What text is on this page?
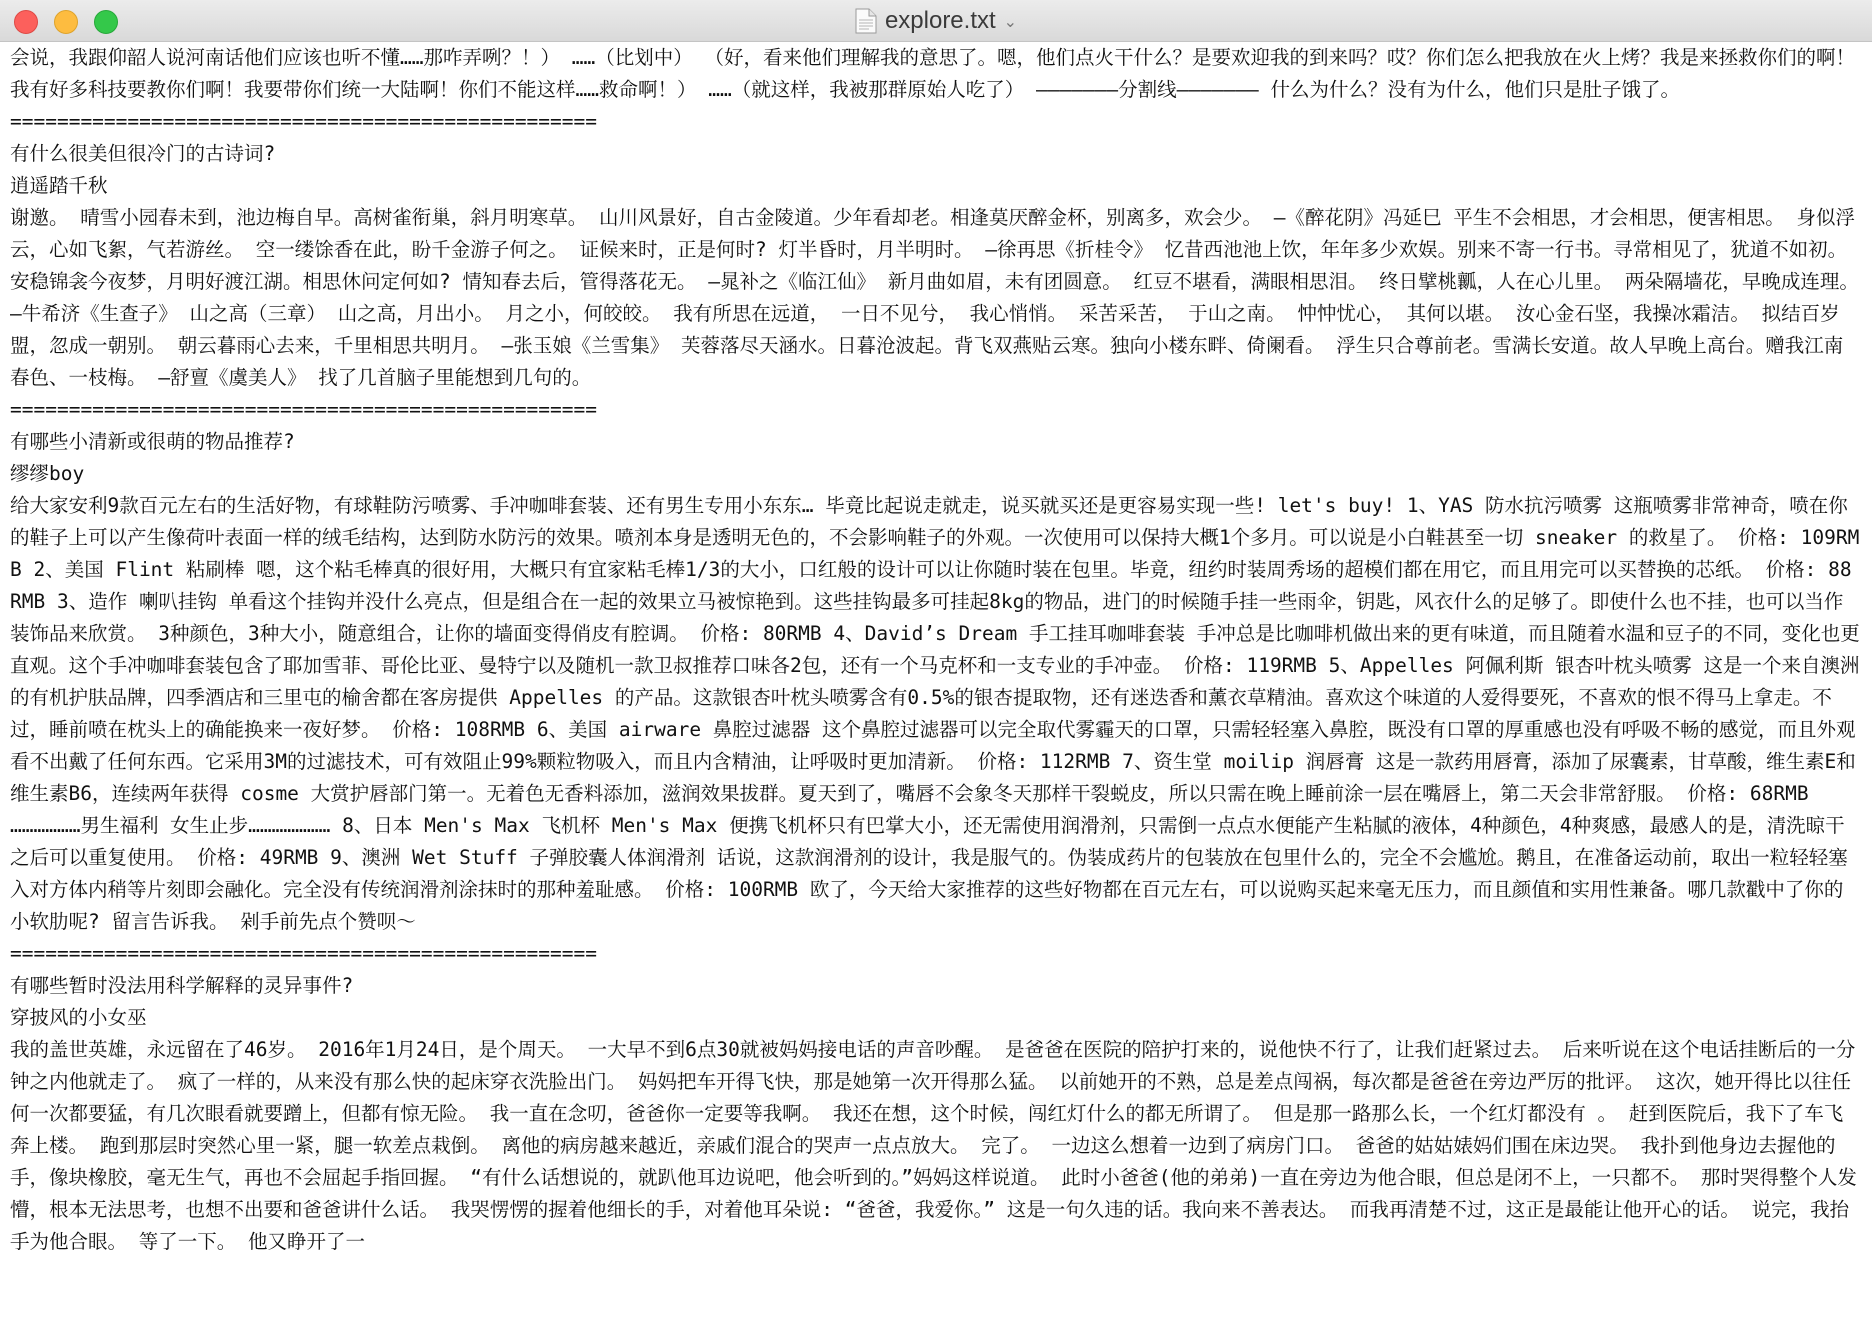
explore.txt ⌄

会说，我跟仰韶人说河南话他们应该也听不懂……那咋弄咧？！） ……（比划中） （好，看来他们理解我的意思了。嗯，他们点火干什么？是要欢迎我的到来吗？哎？你们怎么把我放在火上烤？我是来拯救你们的啊！我有好多科技要教你们啊！我要带你们统一大陆啊！你们不能这样……救命啊！） ……（就这样，我被那群原始人吃了） ———————分割线——————— 什么为什么？没有为什么，他们只是肚子饿了。

==================================================

有什么很美但很冷门的古诗词?

逍遥踏千秋

谢邀。 晴雪小园春未到，池边梅自早。高树雀衔巢，斜月明寒草。 山川风景好，自古金陵道。少年看却老。相逢莫厌醉金杯，别离多，欢会少。 —《醉花阴》冯延巳 平生不会相思，才会相思，便害相思。 身似浮云，心如飞絮，气若游丝。 空一缕馀香在此，盼千金游子何之。 证候来时，正是何时? 灯半昏时，月半明时。 —徐再思《折桂令》 忆昔西池池上饮，年年多少欢娱。别来不寄一行书。寻常相见了，犹道不如初。 安稳锦衾今夜梦，月明好渡江湖。相思休问定何如? 情知春去后，管得落花无。 —晁补之《临江仙》 新月曲如眉，未有团圆意。 红豆不堪看，满眼相思泪。 终日擘桃瓤，人在心儿里。 两朵隔墙花，早晚成连理。 —牛希济《生查子》 山之高（三章） 山之高，月出小。 月之小，何皎皎。 我有所思在远道， 一日不见兮， 我心悄悄。 采苦采苦， 于山之南。 忡忡忧心， 其何以堪。 汝心金石坚，我操冰霜洁。 拟结百岁盟，忽成一朝别。 朝云暮雨心去来，千里相思共明月。 —张玉娘《兰雪集》 芙蓉落尽天涵水。日暮沧波起。背飞双燕贴云寒。独向小楼东畔、倚阑看。 浮生只合尊前老。雪满长安道。故人早晚上高台。赠我江南春色、一枝梅。 —舒亶《虞美人》 找了几首脑子里能想到几句的。

==================================================

有哪些小清新或很萌的物品推荐?

缪缪boy

给大家安利9款百元左右的生活好物，有球鞋防污喷雾、手冲咖啡套装、还有男生专用小东东… 毕竟比起说走就走，说买就买还是更容易实现一些! let's buy! 1、YAS 防水抗污喷雾 这瓶喷雾非常神奇，喷在你的鞋子上可以产生像荷叶表面一样的绒毛结构，达到防水防污的效果。喷剂本身是透明无色的，不会影响鞋子的外观。一次使用可以保持大概1个多月。可以说是小白鞋甚至一切 sneaker 的救星了。 价格: 109RMB 2、美国 Flint 粘刷棒 嗯，这个粘毛棒真的很好用，大概只有宜家粘毛棒1/3的大小，口红般的设计可以让你随时装在包里。毕竟，纽约时装周秀场的超模们都在用它，而且用完可以买替换的芯纸。 价格: 88RMB 3、造作 喇叭挂钩 单看这个挂钩并没什么亮点，但是组合在一起的效果立马被惊艳到。这些挂钩最多可挂起8kg的物品，进门的时候随手挂一些雨伞，钥匙，风衣什么的足够了。即使什么也不挂，也可以当作装饰品来欣赏。 3种颜色，3种大小，随意组合，让你的墙面变得俏皮有腔调。 价格: 80RMB 4、David’s Dream 手工挂耳咖啡套装 手冲总是比咖啡机做出来的更有味道，而且随着水温和豆子的不同，变化也更直观。这个手冲咖啡套装包含了耶加雪菲、哥伦比亚、曼特宁以及随机一款卫叔推荐口味各2包，还有一个马克杯和一支专业的手冲壶。 价格: 119RMB 5、Appelles 阿佩利斯 银杏叶枕头喷雾 这是一个来自澳洲的有机护肤品牌，四季酒店和三里屯的榆舍都在客房提供 Appelles 的产品。这款银杏叶枕头喷雾含有0.5%的银杏提取物，还有迷迭香和薰衣草精油。喜欢这个味道的人爱得要死，不喜欢的恨不得马上拿走。不过，睡前喷在枕头上的确能换来一夜好梦。 价格: 108RMB 6、美国 airware 鼻腔过滤器 这个鼻腔过滤器可以完全取代雾霾天的口罩，只需轻轻塞入鼻腔，既没有口罩的厚重感也没有呼吸不畅的感觉，而且外观看不出戴了任何东西。它采用3M的过滤技术，可有效阻止99%颗粒物吸入，而且内含精油，让呼吸时更加清新。 价格: 112RMB 7、资生堂 moilip 润唇膏 这是一款药用唇膏，添加了尿囊素，甘草酸，维生素E和维生素B6，连续两年获得 cosme 大赏护唇部门第一。无着色无香料添加，滋润效果拔群。夏天到了，嘴唇不会象冬天那样干裂蜕皮，所以只需在晚上睡前涂一层在嘴唇上，第二天会非常舒服。 价格: 68RMB ………………男生福利 女生止步………………… 8、日本 Men's Max 飞机杯 Men's Max 便携飞机杯只有巴掌大小，还无需使用润滑剂，只需倒一点点水便能产生粘腻的液体，4种颜色，4种爽感，最感人的是，清洗晾干之后可以重复使用。 价格: 49RMB 9、澳洲 Wet Stuff 子弹胶囊人体润滑剂 话说，这款润滑剂的设计，我是服气的。伪装成药片的包装放在包里什么的，完全不会尴尬。鹅且，在准备运动前，取出一粒轻轻塞入对方体内稍等片刻即会融化。完全没有传统润滑剂涂抹时的那种羞耻感。 价格: 100RMB 欧了，今天给大家推荐的这些好物都在百元左右，可以说购买起来毫无压力，而且颜值和实用性兼备。哪几款戳中了你的小软肋呢? 留言告诉我。 剁手前先点个赞呗～

==================================================

有哪些暂时没法用科学解释的灵异事件?

穿披风的小女巫

我的盖世英雄，永远留在了46岁。 2016年1月24日，是个周天。 一大早不到6点30就被妈妈接电话的声音吵醒。 是爸爸在医院的陪护打来的，说他快不行了，让我们赶紧过去。 后来听说在这个电话挂断后的一分钟之内他就走了。 疯了一样的，从来没有那么快的起床穿衣洗脸出门。 妈妈把车开得飞快，那是她第一次开得那么猛。 以前她开的不熟，总是差点闯祸，每次都是爸爸在旁边严厉的批评。 这次，她开得比以往任何一次都要猛，有几次眼看就要蹭上，但都有惊无险。 我一直在念叨，爸爸你一定要等我啊。 我还在想，这个时候，闯红灯什么的都无所谓了。 但是那一路那么长，一个红灯都没有 。 赶到医院后，我下了车飞奔上楼。 跑到那层时突然心里一紧，腿一软差点栽倒。 离他的病房越来越近，亲戚们混合的哭声一点点放大。 完了。 一边这么想着一边到了病房门口。 爸爸的姑姑婊妈们围在床边哭。 我扑到他身边去握他的手，像块橡胶，毫无生气，再也不会屈起手指回握。 “有什么话想说的，就趴他耳边说吧，他会听到的。”妈妈这样说道。 此时小爸爸(他的弟弟)一直在旁边为他合眼，但总是闭不上，一只都不。 那时哭得整个人发懵，根本无法思考，也想不出要和爸爸讲什么话。 我哭愣愣的握着他细长的手，对着他耳朵说: “爸爸，我爱你。” 这是一句久违的话。我向来不善表达。 而我再清楚不过，这正是最能让他开心的话。 说完，我抬手为他合眼。 等了一下。 他又睁开了一
